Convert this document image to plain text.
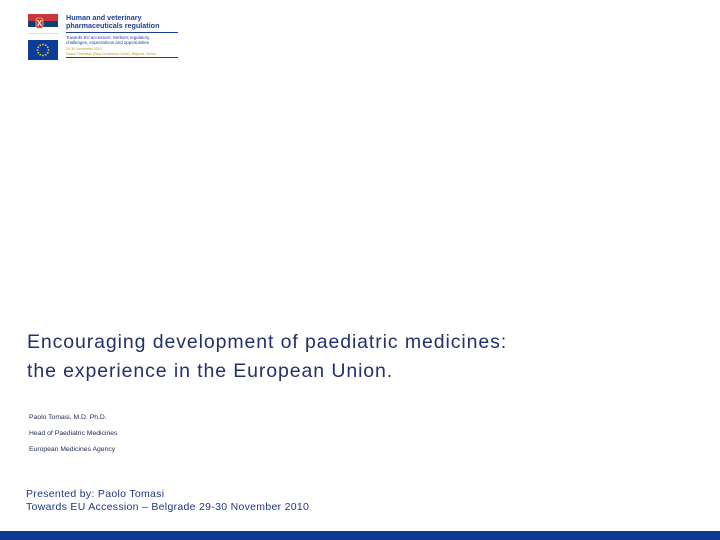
Human and veterinary
pharmaceuticals regulation
Towards EU accession: Serbia's regulatory
challenges, expectations and opportunities
29-30 November 2010
Palace Federation (Sava Conference Centre), Belgrade, Serbia
Encouraging development of paediatric medicines:
the experience in the European Union.
Paolo Tomasi, M.D. Ph.D.
Head of Paediatric Medicines
European Medicines Agency
Presented by: Paolo Tomasi
Towards EU Accession – Belgrade 29-30 November 2010
